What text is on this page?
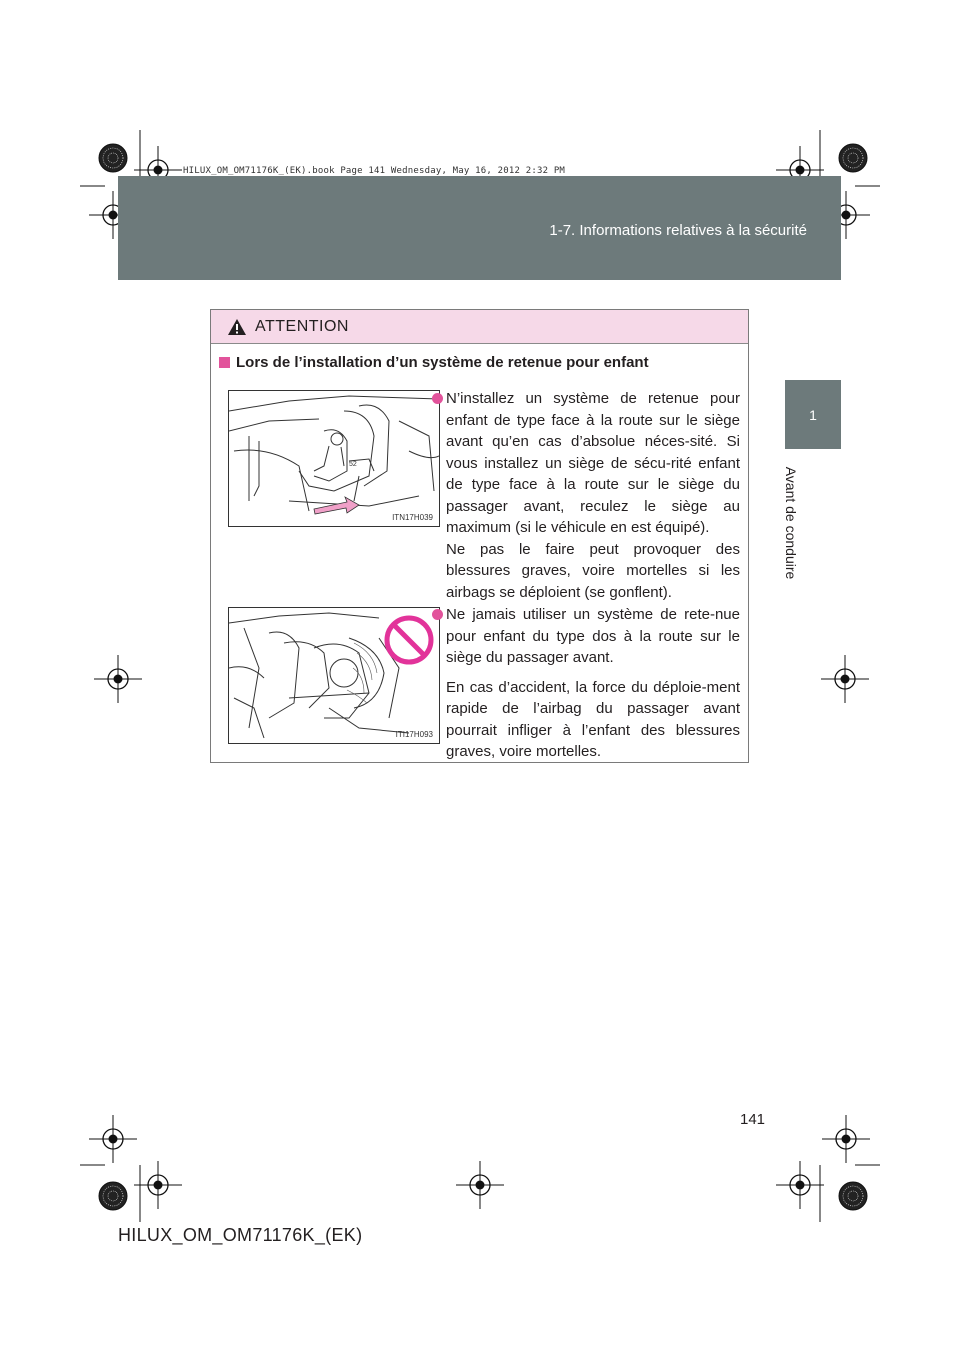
HILUX_OM_OM71176K_(EK).book Page 141 Wednesday, May 16, 2012 2:32 PM
1-7. Informations relatives à la sécurité
1
Avant de conduire
ATTENTION
Lors de l’installation d’un système de retenue pour enfant
52
ITN17H039
ITI17H093

N’installez un système de retenue pour enfant de type face à la route sur le siège avant qu’en cas d’absolue néces-sité. Si vous installez un siège de sécu-rité enfant de type face à la route sur le siège du passager avant, reculez le siège au maximum (si le véhicule en est équipé).

Ne pas le faire peut provoquer des blessures graves, voire mortelles si les airbags se déploient (se gonflent).

Ne jamais utiliser un système de rete-nue pour enfant du type dos à la route sur le siège du passager avant.

En cas d’accident, la force du déploie-ment rapide de l’airbag du passager avant pourrait infliger à l’enfant des blessures graves, voire mortelles.

141
HILUX_OM_OM71176K_(EK)
